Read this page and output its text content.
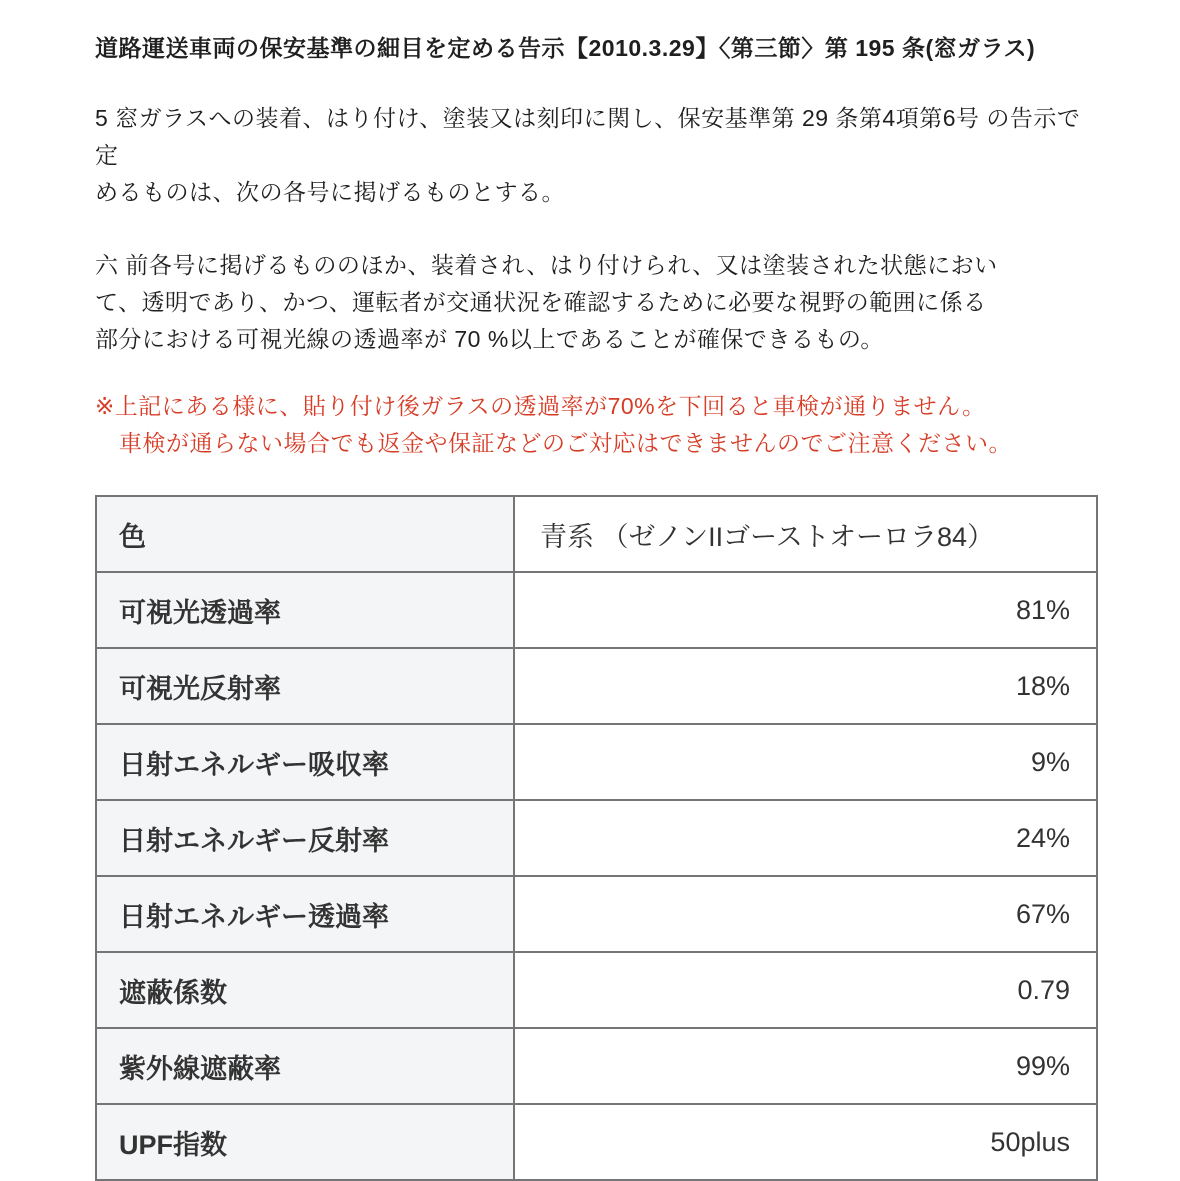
道路運送車両の保安基準の細目を定める告示【2010.3.29】〈第三節〉第 195 条(窓ガラス)
5 窓ガラスへの装着、はり付け、塗装又は刻印に関し、保安基準第 29 条第4項第6号 の告示で定
めるものは、次の各号に掲げるものとする。
六 前各号に掲げるもののほか、装着され、はり付けられ、又は塗装された状態におい
て、透明であり、かつ、運転者が交通状況を確認するために必要な視野の範囲に係る
部分における可視光線の透過率が 70 %以上であることが確保できるもの。
※上記にある様に、貼り付け後ガラスの透過率が70%を下回ると車検が通りません。
車検が通らない場合でも返金や保証などのご対応はできませんのでご注意ください。
色	青系 （ゼノンIIゴーストオーロラ84）
可視光透過率	81%
可視光反射率	18%
日射エネルギー吸収率	9%
日射エネルギー反射率	24%
日射エネルギー透過率	67%
遮蔽係数	0.79
紫外線遮蔽率	99%
UPF指数	50plus
